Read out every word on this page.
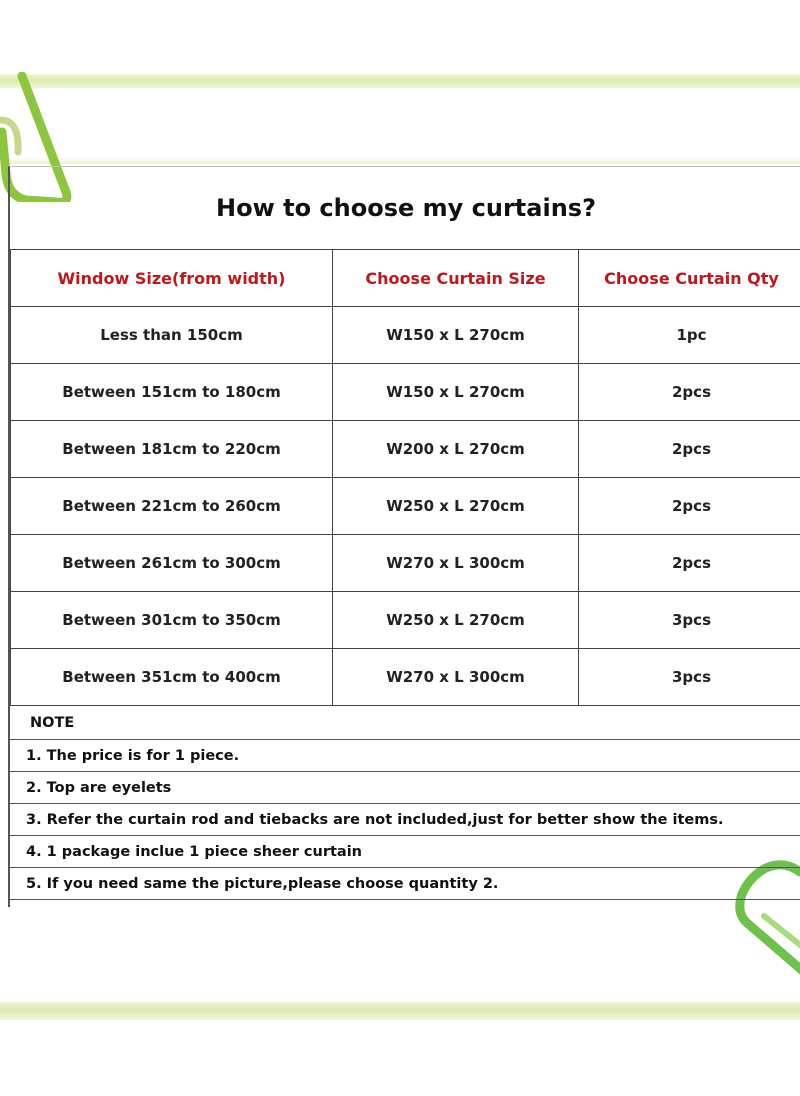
How to choose my curtains?
Window Size(from width)	Choose Curtain Size	Choose Curtain Qty
Less than 150cm	W150 x L 270cm	1pc
Between 151cm to 180cm	W150 x L 270cm	2pcs
Between 181cm to 220cm	W200 x L 270cm	2pcs
Between 221cm to 260cm	W250 x L 270cm	2pcs
Between 261cm to 300cm	W270 x L 300cm	2pcs
Between 301cm to 350cm	W250 x L 270cm	3pcs
Between 351cm to 400cm	W270 x L 300cm	3pcs
NOTE
1. The price is for 1 piece.
2. Top are eyelets
3. Refer the curtain rod and tiebacks are not included,just for better show the items.
4. 1 package inclue 1 piece sheer curtain
5. If you need same the picture,please choose quantity 2.
